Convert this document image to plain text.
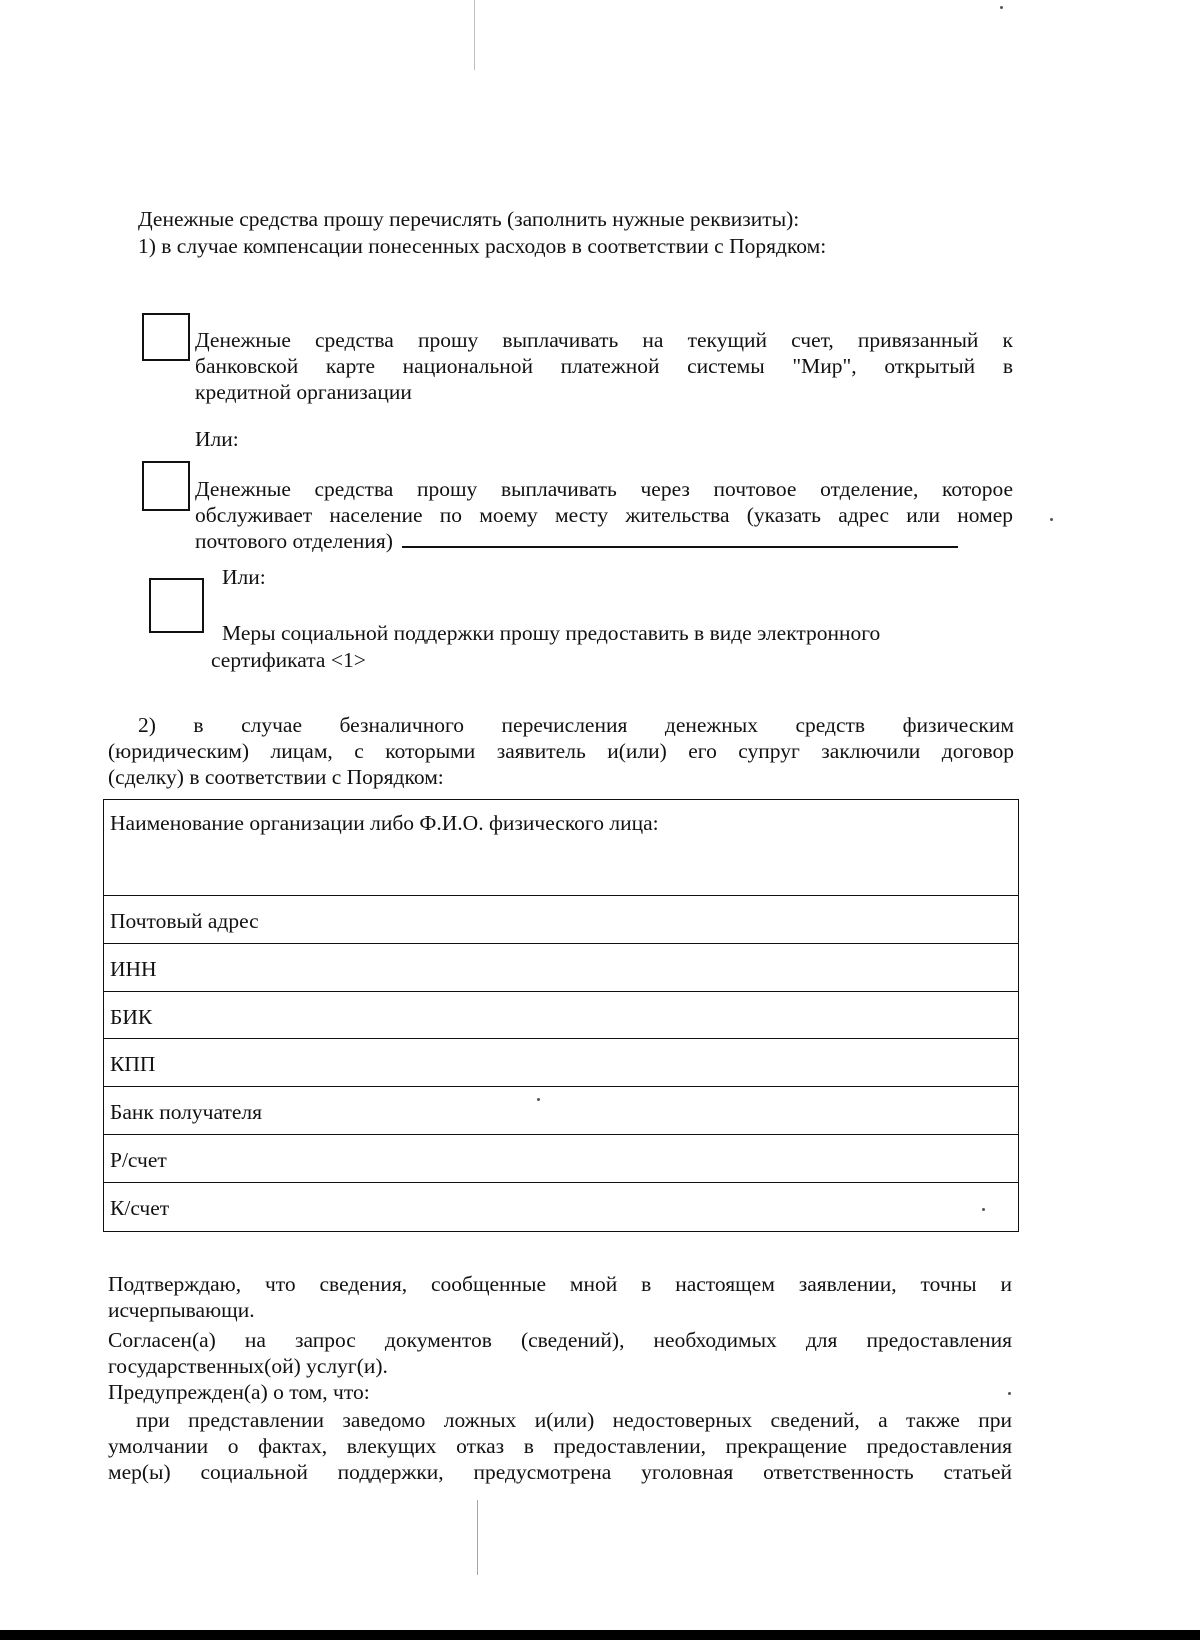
Денежные средства прошу перечислять (заполнить нужные реквизиты):
1) в случае компенсации понесенных расходов в соответствии с Порядком:
Денежные средства прошу выплачивать на текущий счет, привязанный к
банковской карте национальной платежной системы "Мир", открытый в
кредитной организации
Или:
Денежные средства прошу выплачивать через почтовое отделение, которое
обслуживает население по моему месту жительства (указать адрес или номер
почтового отделения)
Или:
Меры социальной поддержки прошу предоставить в виде электронного
сертификата <1>
2) в случае безналичного перечисления денежных средств физическим
(юридическим) лицам, с которыми заявитель и(или) его супруг заключили договор
(сделку) в соответствии с Порядком:
Наименование организации либо Ф.И.О. физического лица:
Почтовый адрес
ИНН
БИК
КПП
Банк получателя
Р/счет
К/счет
Подтверждаю, что сведения, сообщенные мной в настоящем заявлении, точны и
исчерпывающи.
Согласен(а) на запрос документов (сведений), необходимых для предоставления
государственных(ой) услуг(и).
Предупрежден(а) о том, что:
при представлении заведомо ложных и(или) недостоверных сведений, а также при
умолчании о фактах, влекущих отказ в предоставлении, прекращение предоставления
мер(ы) социальной поддержки, предусмотрена уголовная ответственность статьей
